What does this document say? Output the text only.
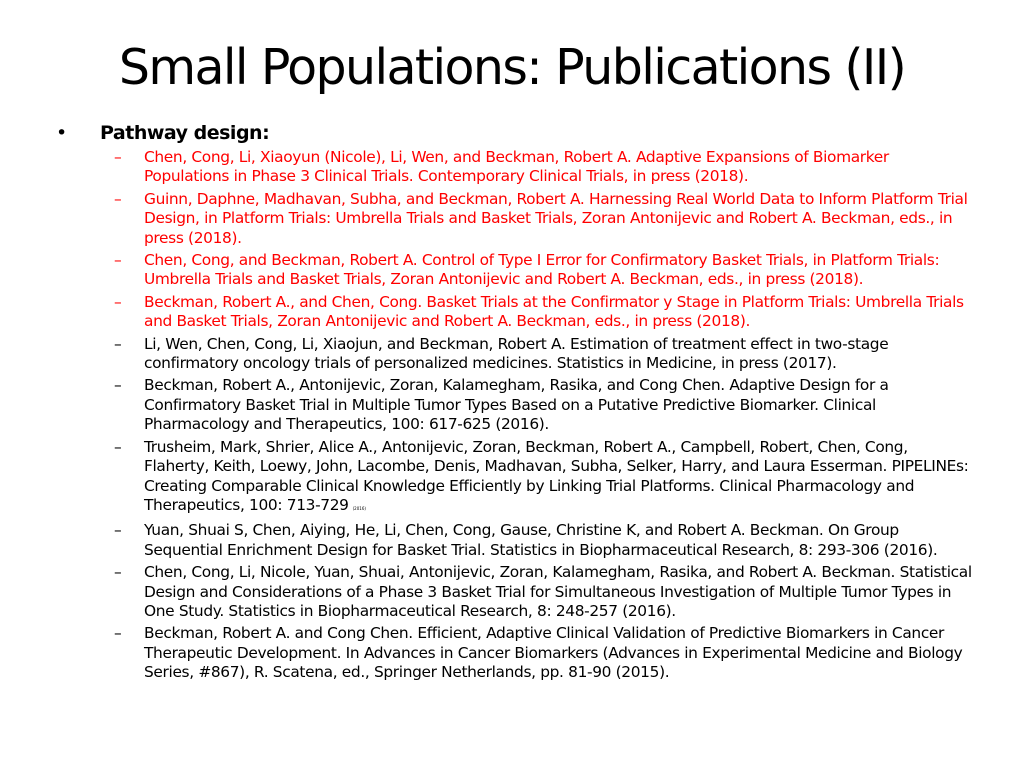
Small Populations: Publications (II)
•	Pathway design:
–	Chen, Cong, Li, Xiaoyun (Nicole), Li, Wen, and Beckman, Robert A. Adaptive Expansions of Biomarker Populations in Phase 3 Clinical Trials. Contemporary Clinical Trials, in press (2018).
–	Guinn, Daphne, Madhavan, Subha, and Beckman, Robert A. Harnessing Real World Data to Inform Platform Trial Design, in Platform Trials: Umbrella Trials and Basket Trials, Zoran Antonijevic and Robert A. Beckman, eds., in press (2018).
–	Chen, Cong, and Beckman, Robert A. Control of Type I Error for Confirmatory Basket Trials, in Platform Trials: Umbrella Trials and Basket Trials, Zoran Antonijevic and Robert A. Beckman, eds., in press (2018).
–	Beckman, Robert A., and Chen, Cong. Basket Trials at the Confirmator y Stage in Platform Trials: Umbrella Trials and Basket Trials, Zoran Antonijevic and Robert A. Beckman, eds., in press (2018).
–	Li, Wen, Chen, Cong, Li, Xiaojun, and Beckman, Robert A. Estimation of treatment effect in two-stage confirmatory oncology trials of personalized medicines. Statistics in Medicine, in press (2017).
–	Beckman, Robert A., Antonijevic, Zoran, Kalamegham, Rasika, and Cong Chen. Adaptive Design for a Confirmatory Basket Trial in Multiple Tumor Types Based on a Putative Predictive Biomarker. Clinical Pharmacology and Therapeutics, 100: 617-625 (2016).
–	Trusheim, Mark, Shrier, Alice A., Antonijevic, Zoran, Beckman, Robert A., Campbell, Robert, Chen, Cong, Flaherty, Keith, Loewy, John, Lacombe, Denis, Madhavan, Subha, Selker, Harry, and Laura Esserman. PIPELINEs: Creating Comparable Clinical Knowledge Efficiently by Linking Trial Platforms. Clinical Pharmacology and Therapeutics, 100: 713-729 (2016)
–	Yuan, Shuai S, Chen, Aiying, He, Li, Chen, Cong, Gause, Christine K, and Robert A. Beckman. On Group Sequential Enrichment Design for Basket Trial. Statistics in Biopharmaceutical Research, 8: 293-306 (2016).
–	Chen, Cong, Li, Nicole, Yuan, Shuai, Antonijevic, Zoran, Kalamegham, Rasika, and Robert A. Beckman. Statistical Design and Considerations of a Phase 3 Basket Trial for Simultaneous Investigation of Multiple Tumor Types in One Study. Statistics in Biopharmaceutical Research, 8: 248-257 (2016).
–	Beckman, Robert A. and Cong Chen. Efficient, Adaptive Clinical Validation of Predictive Biomarkers in Cancer Therapeutic Development. In Advances in Cancer Biomarkers (Advances in Experimental Medicine and Biology Series, #867), R. Scatena, ed., Springer Netherlands, pp. 81-90 (2015).
